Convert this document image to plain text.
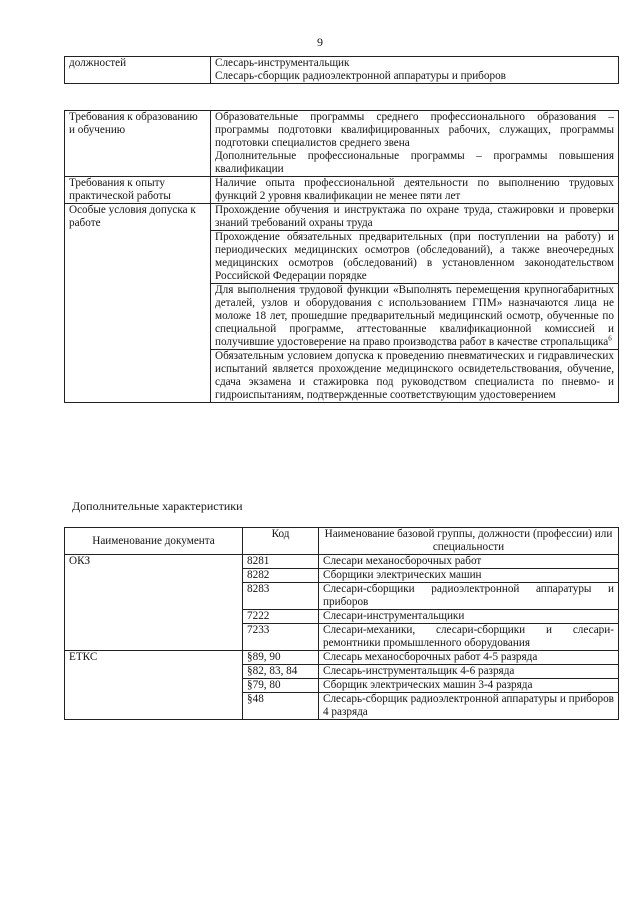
9
должностей	Слесарь-инструментальщик
Слесарь-сборщик радиоэлектронной аппаратуры и приборов
Требования к образованию и обучению	Образовательные программы среднего профессионального образования – программы подготовки квалифицированных рабочих, служащих, программы подготовки специалистов среднего звена
Дополнительные профессиональные программы – программы повышения квалификации

Требования к опыту практической работы	Наличие опыта профессиональной деятельности по выполнению трудовых функций 2 уровня квалификации не менее пяти лет
Особые условия допуска к работе	Прохождение обучения и инструктажа по охране труда, стажировки и проверки знаний требований охраны труда
Прохождение обязательных предварительных (при поступлении на работу) и периодических медицинских осмотров (обследований), а также внеочередных медицинских осмотров (обследований) в установленном законодательством Российской Федерации порядке
Для выполнения трудовой функции «Выполнять перемещения крупногабаритных деталей, узлов и оборудования с использованием ГПМ» назначаются лица не моложе 18 лет, прошедшие предварительный медицинский осмотр, обученные по специальной программе, аттестованные квалификационной комиссией и получившие удостоверение на право производства работ в качестве стропальщика$^6$
Обязательным условием допуска к проведению пневматических и гидравлических испытаний является прохождение медицинского освидетельствования, обучение, сдача экзамена и стажировка под руководством специалиста по пневмо- и гидроиспытаниям, подтвержденные соответствующим удостоверением
Дополнительные характеристики
Наименование документа	Код	Наименование базовой группы, должности (профессии) или специальности
ОКЗ	8281	Слесари механосборочных работ
	8282	Сборщики электрических машин
	8283	Слесари-сборщики радиоэлектронной аппаратуры и приборов
	7222	Слесари-инструментальщики
	7233	Слесари-механики, слесари-сборщики и слесари-ремонтники промышленного оборудования
ЕТКС	§89, 90	Слесарь механосборочных работ 4-5 разряда
	§82, 83, 84	Слесарь-инструментальщик 4-6 разряда
	§79, 80	Сборщик электрических машин 3-4 разряда
	§48	Слесарь-сборщик радиоэлектронной аппаратуры и приборов 4 разряда
